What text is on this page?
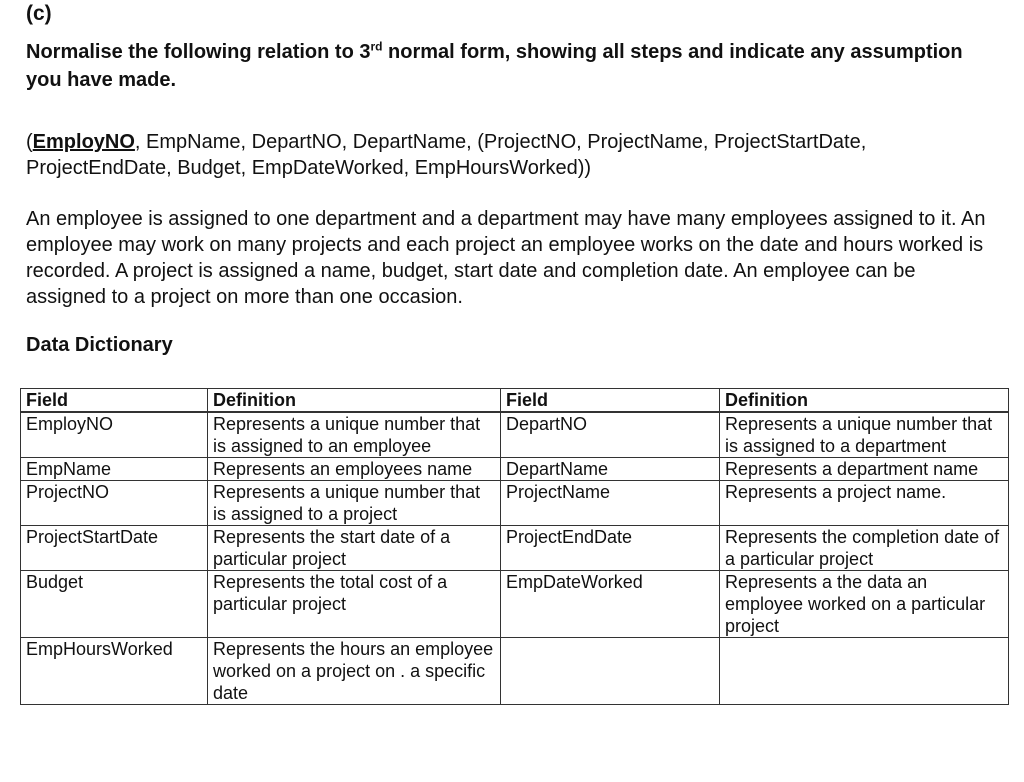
(c)
Normalise the following relation to 3rd normal form, showing all steps and indicate any assumption you have made.
(EmployNO, EmpName, DepartNO, DepartName, (ProjectNO, ProjectName, ProjectStartDate, ProjectEndDate, Budget, EmpDateWorked, EmpHoursWorked))
An employee is assigned to one department and a department may have many employees assigned to it. An employee may work on many projects and each project an employee works on the date and hours worked is recorded. A project is assigned a name, budget, start date and completion date. An employee can be assigned to a project on more than one occasion.
Data Dictionary
Field	Definition	Field	Definition
EmployNO	Represents a unique number that is assigned to an employee	DepartNO	Represents a unique number that is assigned to a department
EmpName	Represents an employees name	DepartName	Represents a department name
ProjectNO	Represents a unique number that is assigned to a project	ProjectName	Represents a project name.
ProjectStartDate	Represents the start date of a particular project	ProjectEndDate	Represents the completion date of a particular project
Budget	Represents the total cost of a particular project	EmpDateWorked	Represents a the data an employee worked on a particular project
EmpHoursWorked	Represents the hours an employee worked on a project on . a specific date		
